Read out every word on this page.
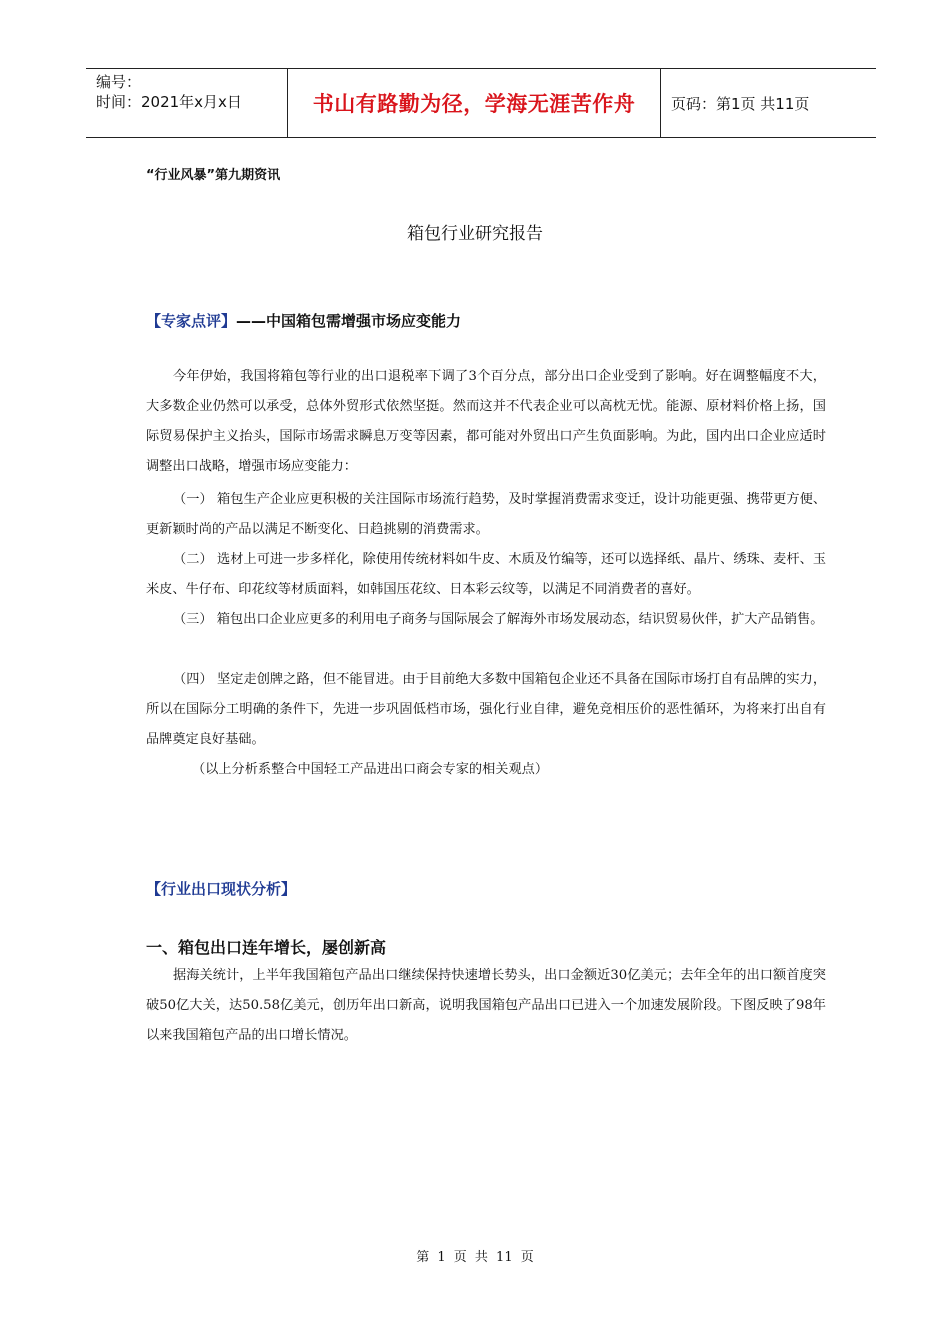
编号：
时间：2021年x月x日	书山有路勤为径，学海无涯苦作舟	页码：第1页 共11页
“行业风暴”第九期资讯
箱包行业研究报告
【专家点评】——中国箱包需增强市场应变能力

今年伊始，我国将箱包等行业的出口退税率下调了3个百分点，部分出口企业受到了影响。好在调整幅度不大，大多数企业仍然可以承受，总体外贸形式依然坚挺。然而这并不代表企业可以高枕无忧。能源、原材料价格上扬，国际贸易保护主义抬头，国际市场需求瞬息万变等因素，都可能对外贸出口产生负面影响。为此，国内出口企业应适时调整出口战略，增强市场应变能力：

（一） 箱包生产企业应更积极的关注国际市场流行趋势，及时掌握消费需求变迁，设计功能更强、携带更方便、更新颖时尚的产品以满足不断变化、日趋挑剔的消费需求。

（二） 选材上可进一步多样化，除使用传统材料如牛皮、木质及竹编等，还可以选择纸、晶片、绣珠、麦杆、玉米皮、牛仔布、印花纹等材质面料，如韩国压花纹、日本彩云纹等，以满足不同消费者的喜好。

（三） 箱包出口企业应更多的利用电子商务与国际展会了解海外市场发展动态，结识贸易伙伴，扩大产品销售。

（四） 坚定走创牌之路，但不能冒进。由于目前绝大多数中国箱包企业还不具备在国际市场打自有品牌的实力，所以在国际分工明确的条件下，先进一步巩固低档市场，强化行业自律，避免竞相压价的恶性循环，为将来打出自有品牌奠定良好基础。

（以上分析系整合中国轻工产品进出口商会专家的相关观点）
【行业出口现状分析】
一、箱包出口连年增长，屡创新高

据海关统计，上半年我国箱包产品出口继续保持快速增长势头，出口金额近30亿美元；去年全年的出口额首度突破50亿大关，达50.58亿美元，创历年出口新高，说明我国箱包产品出口已进入一个加速发展阶段。下图反映了98年以来我国箱包产品的出口增长情况。

第 1 页 共 11 页
